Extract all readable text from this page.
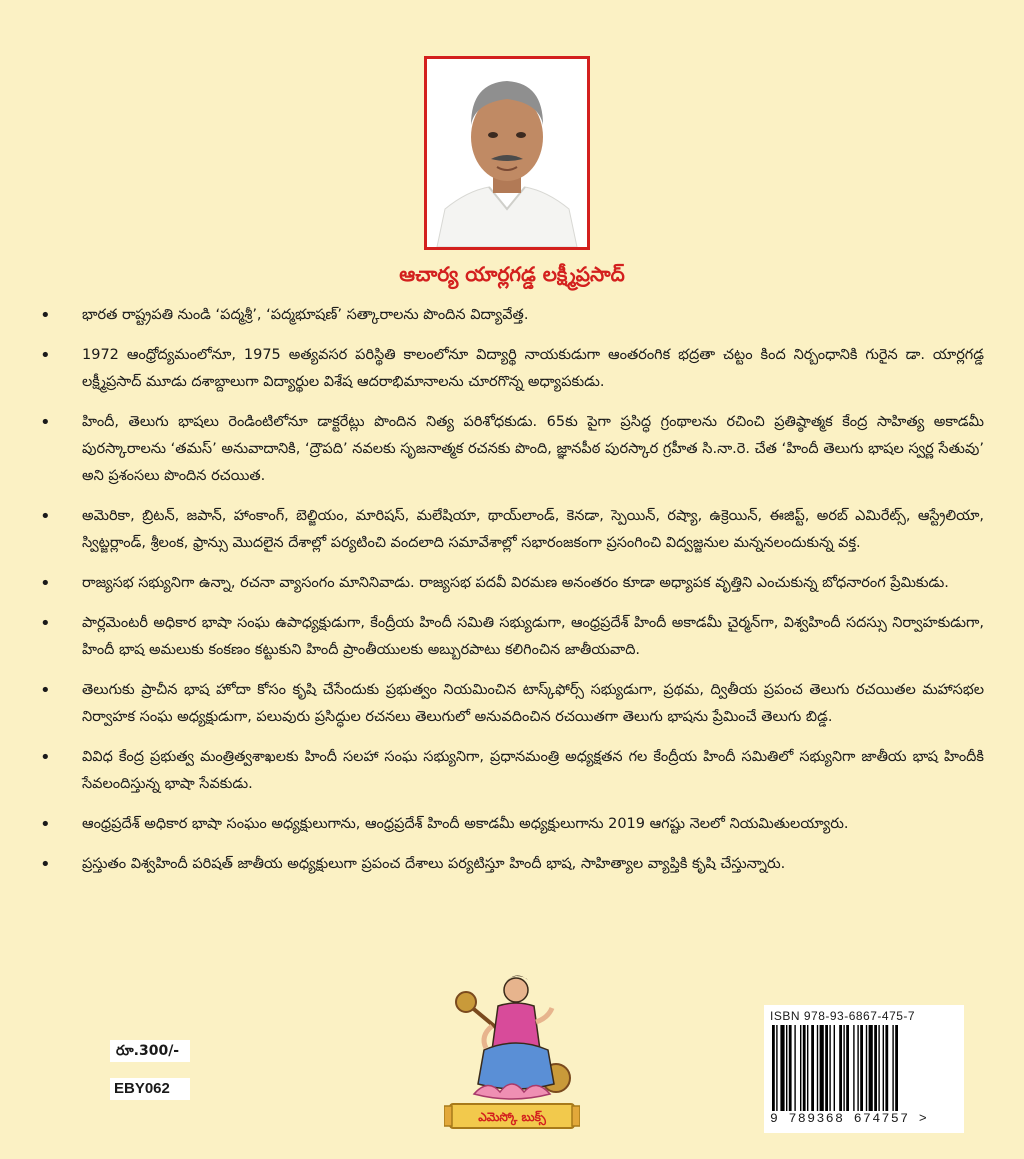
ఆచార్య యార్లగడ్డ లక్ష్మీప్రసాద్
• భారత రాష్ట్రపతి నుండి ‘పద్మశ్రీ’, ‘పద్మభూషణ్’ సత్కారాలను పొందిన విద్యావేత్త.
• 1972 ఆంధ్రోద్యమంలోనూ, 1975 అత్యవసర పరిస్థితి కాలంలోనూ విద్యార్థి నాయకుడుగా ఆంతరంగిక భద్రతా చట్టం కింద నిర్బంధానికి గురైన డా. యార్లగడ్డ లక్ష్మీప్రసాద్ మూడు దశాబ్దాలుగా విద్యార్థుల విశేష ఆదరాభిమానాలను చూరగొన్న అధ్యాపకుడు.
• హిందీ, తెలుగు భాషలు రెండింటిలోనూ డాక్టరేట్లు పొందిన నిత్య పరిశోధకుడు. 65కు పైగా ప్రసిద్ధ గ్రంథాలను రచించి ప్రతిష్ఠాత్మక కేంద్ర సాహిత్య అకాడమీ పురస్కారాలను ‘తమస్’ అనువాదానికి, ‘ద్రౌపది’ నవలకు సృజనాత్మక రచనకు పొంది, జ్ఞానపీఠ పురస్కార గ్రహీత సి.నా.రె. చేత ‘హిందీ తెలుగు భాషల స్వర్ణ సేతువు’ అని ప్రశంసలు పొందిన రచయిత.
• అమెరికా, బ్రిటన్, జపాన్, హాంకాంగ్, బెల్జియం, మారిషస్, మలేషియా, థాయ్‌లాండ్, కెనడా, స్పెయిన్, రష్యా, ఉక్రెయిన్, ఈజిప్ట్, అరబ్ ఎమిరేట్స్, ఆస్ట్రేలియా, స్విట్జర్లాండ్, శ్రీలంక, ఫ్రాన్సు మొదలైన దేశాల్లో పర్యటించి వందలాది సమావేశాల్లో సభారంజకంగా ప్రసంగించి విద్వజ్జనుల మన్ననలందుకున్న వక్త.
• రాజ్యసభ సభ్యునిగా ఉన్నా, రచనా వ్యాసంగం మానినివాడు. రాజ్యసభ పదవీ విరమణ అనంతరం కూడా అధ్యాపక వృత్తిని ఎంచుకున్న బోధనారంగ ప్రేమికుడు.
• పార్లమెంటరీ అధికార భాషా సంఘ ఉపాధ్యక్షుడుగా, కేంద్రీయ హిందీ సమితి సభ్యుడుగా, ఆంధ్రప్రదేశ్ హిందీ అకాడమీ చైర్మన్‌గా, విశ్వహిందీ సదస్సు నిర్వాహకుడుగా, హిందీ భాష అమలుకు కంకణం కట్టుకుని హిందీ ప్రాంతీయులకు అబ్బురపాటు కలిగించిన జాతీయవాది.
• తెలుగుకు ప్రాచీన భాష హోదా కోసం కృషి చేసేందుకు ప్రభుత్వం నియమించిన టాస్క్‌ఫోర్స్ సభ్యుడుగా, ప్రథమ, ద్వితీయ ప్రపంచ తెలుగు రచయితల మహాసభల నిర్వాహక సంఘ అధ్యక్షుడుగా, పలువురు ప్రసిద్ధుల రచనలు తెలుగులో అనువదించిన రచయితగా తెలుగు భాషను ప్రేమించే తెలుగు బిడ్డ.
• వివిధ కేంద్ర ప్రభుత్వ మంత్రిత్వశాఖలకు హిందీ సలహా సంఘ సభ్యునిగా, ప్రధానమంత్రి అధ్యక్షతన గల కేంద్రీయ హిందీ సమితిలో సభ్యునిగా జాతీయ భాష హిందీకి సేవలందిస్తున్న భాషా సేవకుడు.
• ఆంధ్రప్రదేశ్ అధికార భాషా సంఘం అధ్యక్షులుగాను, ఆంధ్రప్రదేశ్ హిందీ అకాడమీ అధ్యక్షులుగాను 2019 ఆగష్టు నెలలో నియమితులయ్యారు.
• ప్రస్తుతం విశ్వహిందీ పరిషత్ జాతీయ అధ్యక్షులుగా ప్రపంచ దేశాలు పర్యటిస్తూ హిందీ భాష, సాహిత్యాల వ్యాప్తికి కృషి చేస్తున్నారు.
రూ.300/-
EBY062
ఎమెస్కో బుక్స్
ISBN 978-93-6867-475-7
9 789368 674757 >
